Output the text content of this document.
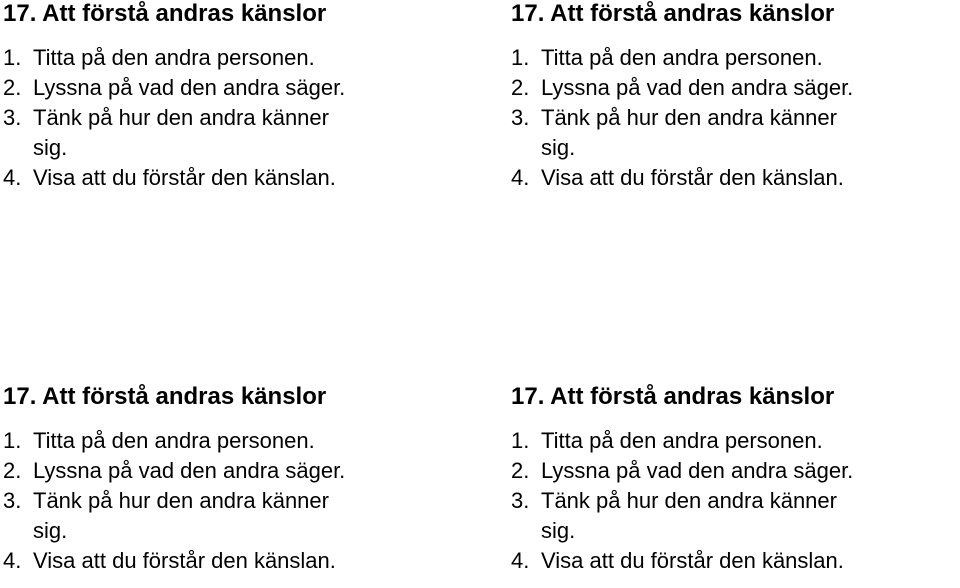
17. Att förstå andras känslor
1. Titta på den andra personen.
2. Lyssna på vad den andra säger.
3. Tänk på hur den andra känner
sig.
4. Visa att du förstår den känslan.
17. Att förstå andras känslor
1. Titta på den andra personen.
2. Lyssna på vad den andra säger.
3. Tänk på hur den andra känner
sig.
4. Visa att du förstår den känslan.
17. Att förstå andras känslor
1. Titta på den andra personen.
2. Lyssna på vad den andra säger.
3. Tänk på hur den andra känner
sig.
4. Visa att du förstår den känslan.
17. Att förstå andras känslor
1. Titta på den andra personen.
2. Lyssna på vad den andra säger.
3. Tänk på hur den andra känner
sig.
4. Visa att du förstår den känslan.
